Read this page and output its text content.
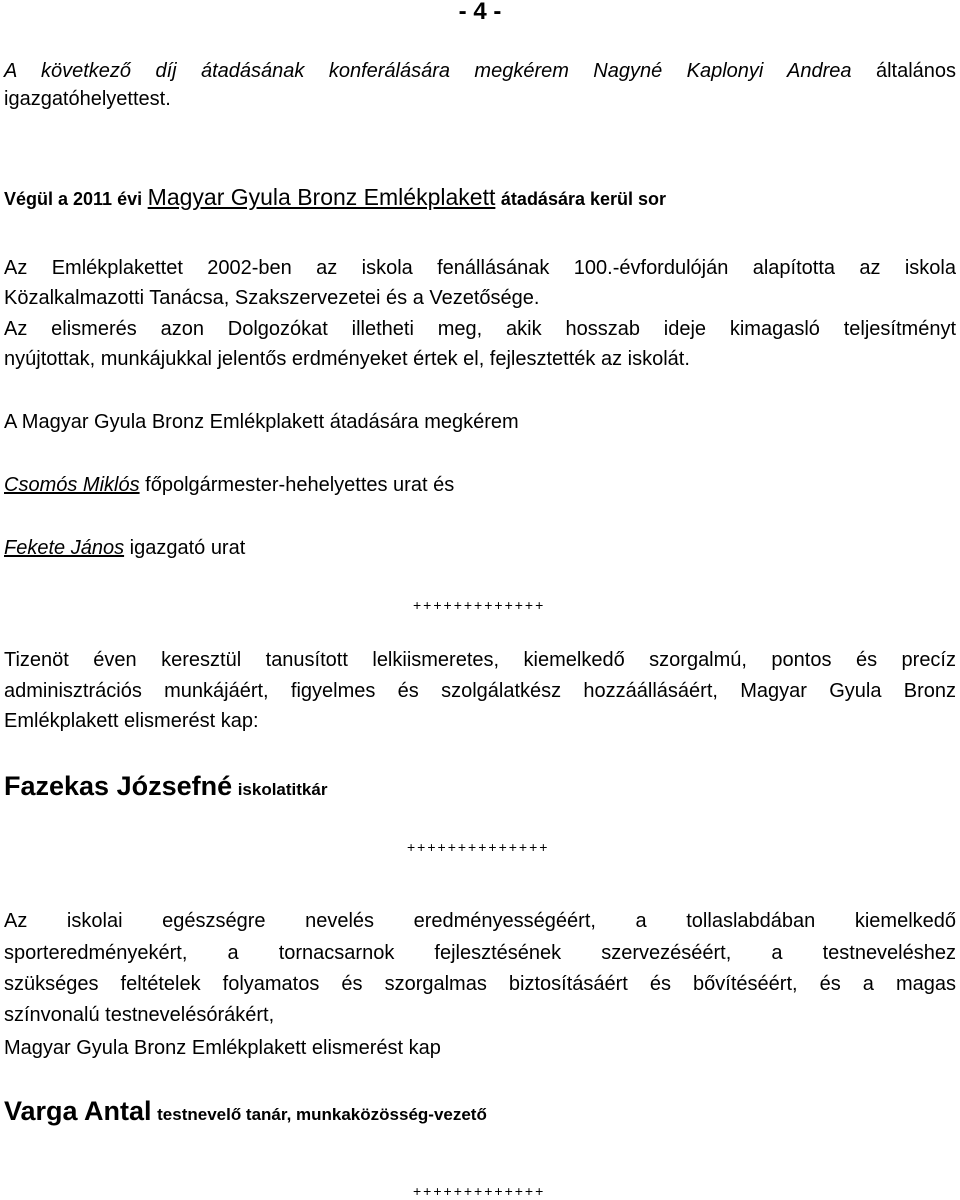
- 4 -
A következő díj átadásának konferálására megkérem Nagyné Kaplonyi Andrea általános
igazgatóhelyettest.
Végül a 2011 évi Magyar Gyula Bronz Emlékplakett átadására kerül sor
Az Emlékplakettet 2002-ben az iskola fenállásának 100.-évfordulóján alapította az iskola
Közalkalmazotti Tanácsa, Szakszervezetei és a Vezetősége.
Az elismerés azon Dolgozókat illetheti meg, akik hosszab ideje kimagasló teljesítményt
nyújtottak, munkájukkal jelentős erdményeket értek el, fejlesztették az iskolát.
A Magyar Gyula Bronz Emlékplakett átadására megkérem
Csomós Miklós főpolgármester-hehelyettes urat és
Fekete János igazgató urat
+++++++++++++
Tizenöt éven keresztül tanusított lelkiismeretes, kiemelkedő szorgalmú, pontos és precíz
adminisztrációs munkájáért, figyelmes és szolgálatkész hozzáállásáért, Magyar Gyula Bronz
Emlékplakett elismerést kap:
Fazekas Józsefné iskolatitkár
++++++++++++++
Az iskolai egészségre nevelés eredményességéért, a tollaslabdában kiemelkedő
sporteredményekért, a tornacsarnok fejlesztésének szervezéséért, a testneveléshez
szükséges feltételek folyamatos és szorgalmas biztosításáért és bővítéséért, és a magas
színvonalú testnevelésórákért,
Magyar Gyula Bronz Emlékplakett elismerést kap
Varga Antal testnevelő tanár, munkaközösség-vezető
+++++++++++++
